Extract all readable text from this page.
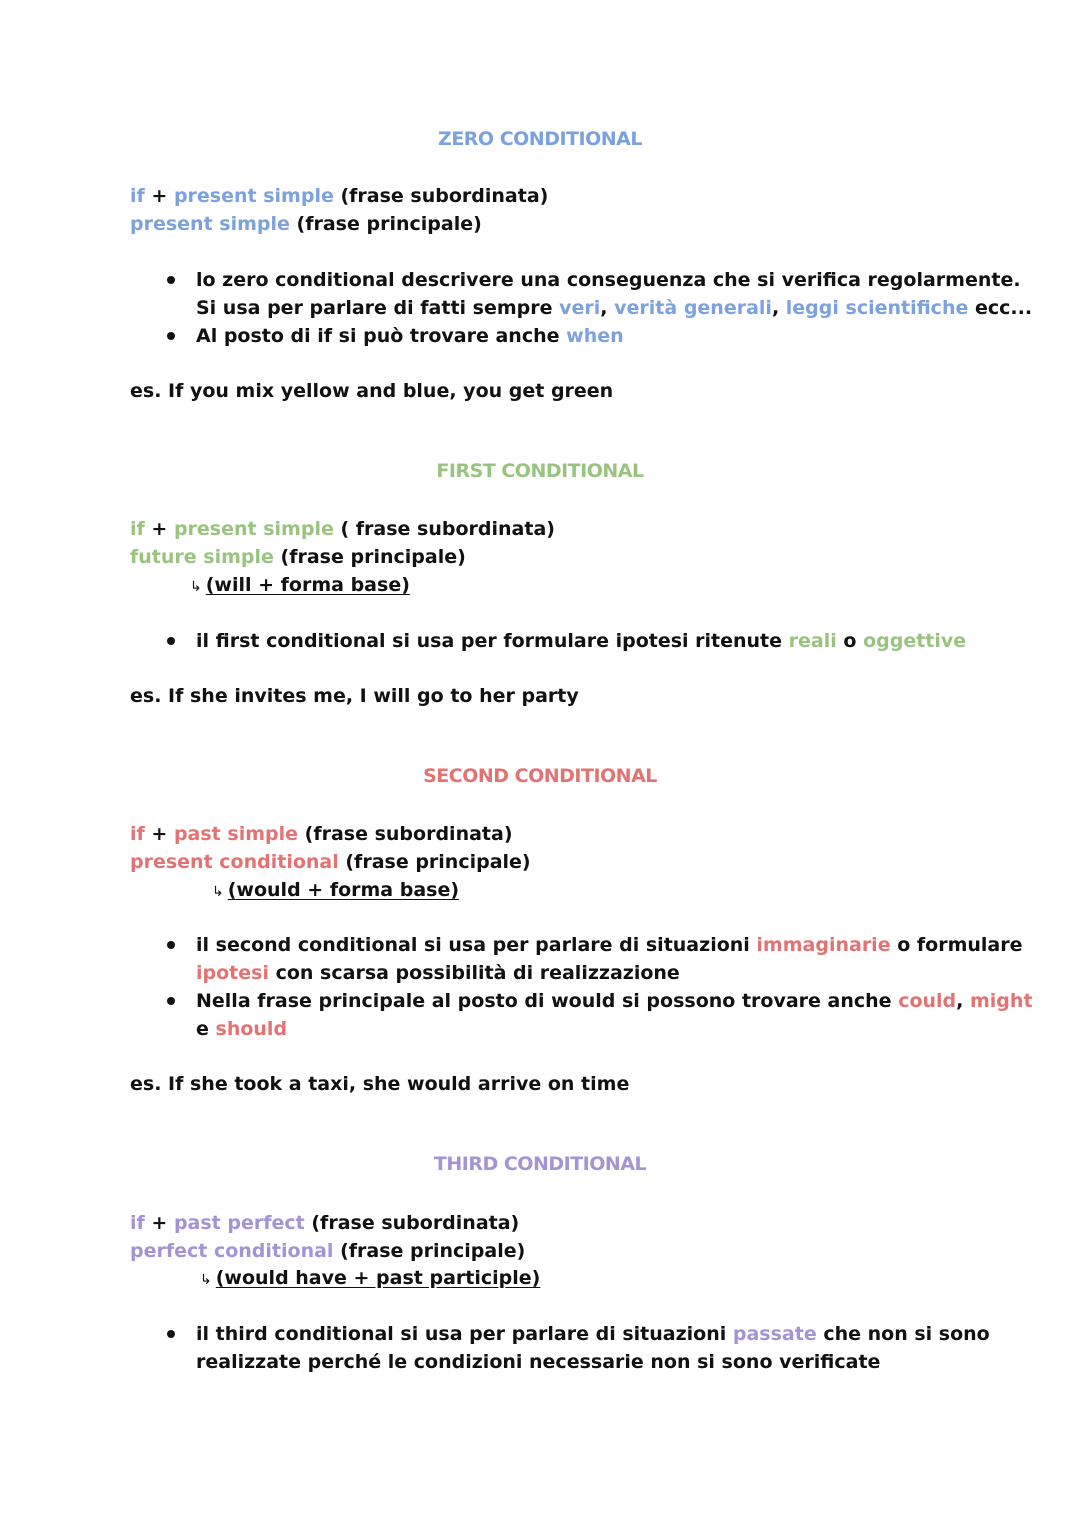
ZERO CONDITIONAL
if + present simple (frase subordinata)
present simple (frase principale)
lo zero conditional descrivere una conseguenza che si verifica regolarmente.
Si usa per parlare di fatti sempre veri, verità generali, leggi scientifiche ecc...
Al posto di if si può trovare anche when
es. If you mix yellow and blue, you get green
FIRST CONDITIONAL
if + present simple ( frase subordinata)
future simple (frase principale)
↳ (will + forma base)
il first conditional si usa per formulare ipotesi ritenute reali o oggettive
es. If she invites me, I will go to her party
SECOND CONDITIONAL
if + past simple (frase subordinata)
present conditional (frase principale)
↳ (would + forma base)
il second conditional si usa per parlare di situazioni immaginarie o formulare
ipotesi con scarsa possibilità di realizzazione
Nella frase principale al posto di would si possono trovare anche could, might
e should
es. If she took a taxi, she would arrive on time
THIRD CONDITIONAL
if + past perfect (frase subordinata)
perfect conditional (frase principale)
↳ (would have + past participle)
il third conditional si usa per parlare di situazioni passate che non si sono
realizzate perché le condizioni necessarie non si sono verificate
